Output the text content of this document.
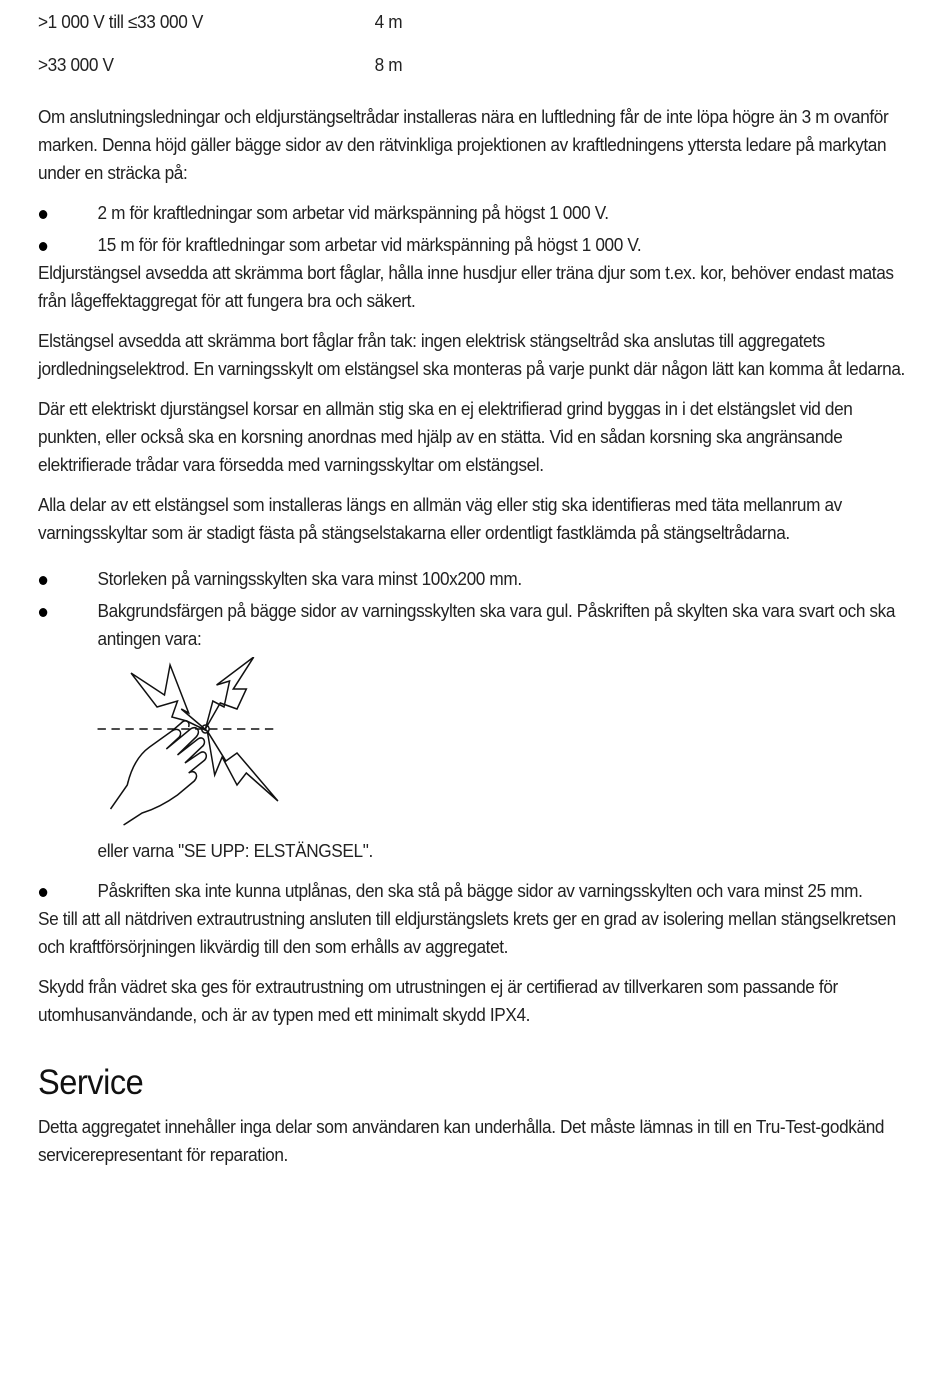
>1 000 V till ≤33 000 V	4 m
>33 000 V	8 m

Om anslutningsledningar och eldjurstängseltrådar installeras nära en luftledning får de inte löpa högre än 3 m ovanför marken. Denna höjd gäller bägge sidor av den rätvinkliga projektionen av kraftledningens yttersta ledare på markytan under en sträcka på:

2 m för kraftledningar som arbetar vid märkspänning på högst 1 000 V.
15 m för för kraftledningar som arbetar vid märkspänning på högst 1 000 V.

Eldjurstängsel avsedda att skrämma bort fåglar, hålla inne husdjur eller träna djur som t.ex. kor, behöver endast matas från lågeffektaggregat för att fungera bra och säkert.

Elstängsel avsedda att skrämma bort fåglar från tak: ingen elektrisk stängseltråd ska anslutas till aggregatets jordledningselektrod. En varningsskylt om elstängsel ska monteras på varje punkt där någon lätt kan komma åt ledarna.

Där ett elektriskt djurstängsel korsar en allmän stig ska en ej elektrifierad grind byggas in i det elstängslet vid den punkten, eller också ska en korsning anordnas med hjälp av en stätta. Vid en sådan korsning ska angränsande elektrifierade trådar vara försedda med varningsskyltar om elstängsel.

Alla delar av ett elstängsel som installeras längs en allmän väg eller stig ska identifieras med täta mellanrum av varningsskyltar som är stadigt fästa på stängselstakarna eller ordentligt fastklämda på stängseltrådarna.

Storleken på varningsskylten ska vara minst 100x200 mm.
Bakgrundsfärgen på bägge sidor av varningsskylten ska vara gul. Påskriften på skylten ska vara svart och ska antingen vara:
eller varna "SE UPP: ELSTÄNGSEL".
Påskriften ska inte kunna utplånas, den ska stå på bägge sidor av varningsskylten och vara minst 25 mm.

Se till att all nätdriven extrautrustning ansluten till eldjurstängslets krets ger en grad av isolering mellan stängselkretsen och kraftförsörjningen likvärdig till den som erhålls av aggregatet.

Skydd från vädret ska ges för extrautrustning om utrustningen ej är certifierad av tillverkaren som passande för utomhusanvändande, och är av typen med ett minimalt skydd IPX4.

Service

Detta aggregatet innehåller inga delar som användaren kan underhålla. Det måste lämnas in till en Tru-Test-godkänd servicerepresentant för reparation.
